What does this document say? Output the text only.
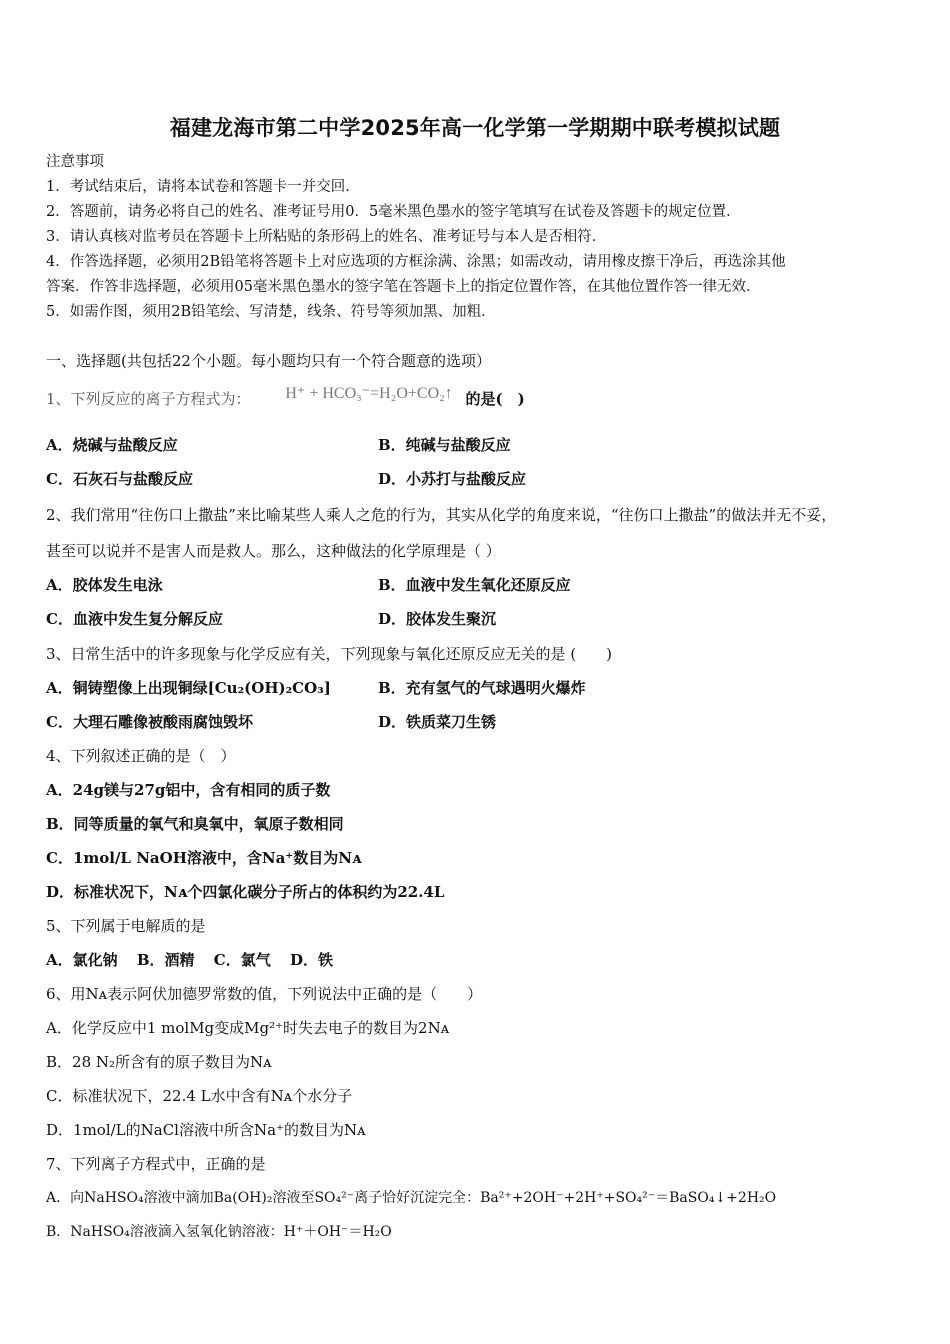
福建龙海市第二中学2025年高一化学第一学期期中联考模拟试题
注意事项
1．考试结束后，请将本试卷和答题卡一并交回．
2．答题前，请务必将自己的姓名、准考证号用0．5毫米黑色墨水的签字笔填写在试卷及答题卡的规定位置．
3．请认真核对监考员在答题卡上所粘贴的条形码上的姓名、准考证号与本人是否相符．
4．作答选择题，必须用2B铅笔将答题卡上对应选项的方框涂满、涂黑；如需改动，请用橡皮擦干净后，再选涂其他
答案．作答非选择题，必须用05毫米黑色墨水的签字笔在答题卡上的指定位置作答，在其他位置作答一律无效．
5．如需作图，须用2B铅笔绘、写清楚，线条、符号等须加黑、加粗．
一、选择题(共包括22个小题。每小题均只有一个符合题意的选项）
1、下列反应的离子方程式为： H⁺ + HCO₃⁻=H₂O+CO₂↑ 的是(　)
A．烧碱与盐酸反应	B．纯碱与盐酸反应
C．石灰石与盐酸反应	D．小苏打与盐酸反应
2、我们常用“往伤口上撒盐”来比喻某些人乘人之危的行为，其实从化学的角度来说，“往伤口上撒盐”的做法并无不妥，
甚至可以说并不是害人而是救人。那么，这种做法的化学原理是（ ）
A．胶体发生电泳	B．血液中发生氧化还原反应
C．血液中发生复分解反应	D．胶体发生聚沉
3、日常生活中的许多现象与化学反应有关，下列现象与氧化还原反应无关的是 (　　)
A．铜铸塑像上出现铜绿[Cu₂(OH)₂CO₃]	B．充有氢气的气球遇明火爆炸
C．大理石雕像被酸雨腐蚀毁坏	D．铁质菜刀生锈
4、下列叙述正确的是（　）
A．24g镁与27g铝中，含有相同的质子数
B．同等质量的氧气和臭氧中，氧原子数相同
C．1mol/L NaOH溶液中，含Na⁺数目为Nᴀ
D．标准状况下，Nᴀ个四氯化碳分子所占的体积约为22.4L
5、下列属于电解质的是
A．氯化钠 B．酒精 C．氯气 D．铁
6、用Nᴀ表示阿伏加德罗常数的值，下列说法中正确的是（　　）
A．化学反应中1 molMg变成Mg²⁺时失去电子的数目为2Nᴀ
B．28 N₂所含有的原子数目为Nᴀ
C．标准状况下，22.4 L水中含有Nᴀ个水分子
D．1mol/L的NaCl溶液中所含Na⁺的数目为Nᴀ
7、下列离子方程式中，正确的是
A．向NaHSO₄溶液中滴加Ba(OH)₂溶液至SO₄²⁻离子恰好沉淀完全：Ba²⁺+2OH⁻+2H⁺+SO₄²⁻＝BaSO₄↓+2H₂O
B．NaHSO₄溶液滴入氢氧化钠溶液：H⁺＋OH⁻＝H₂O
